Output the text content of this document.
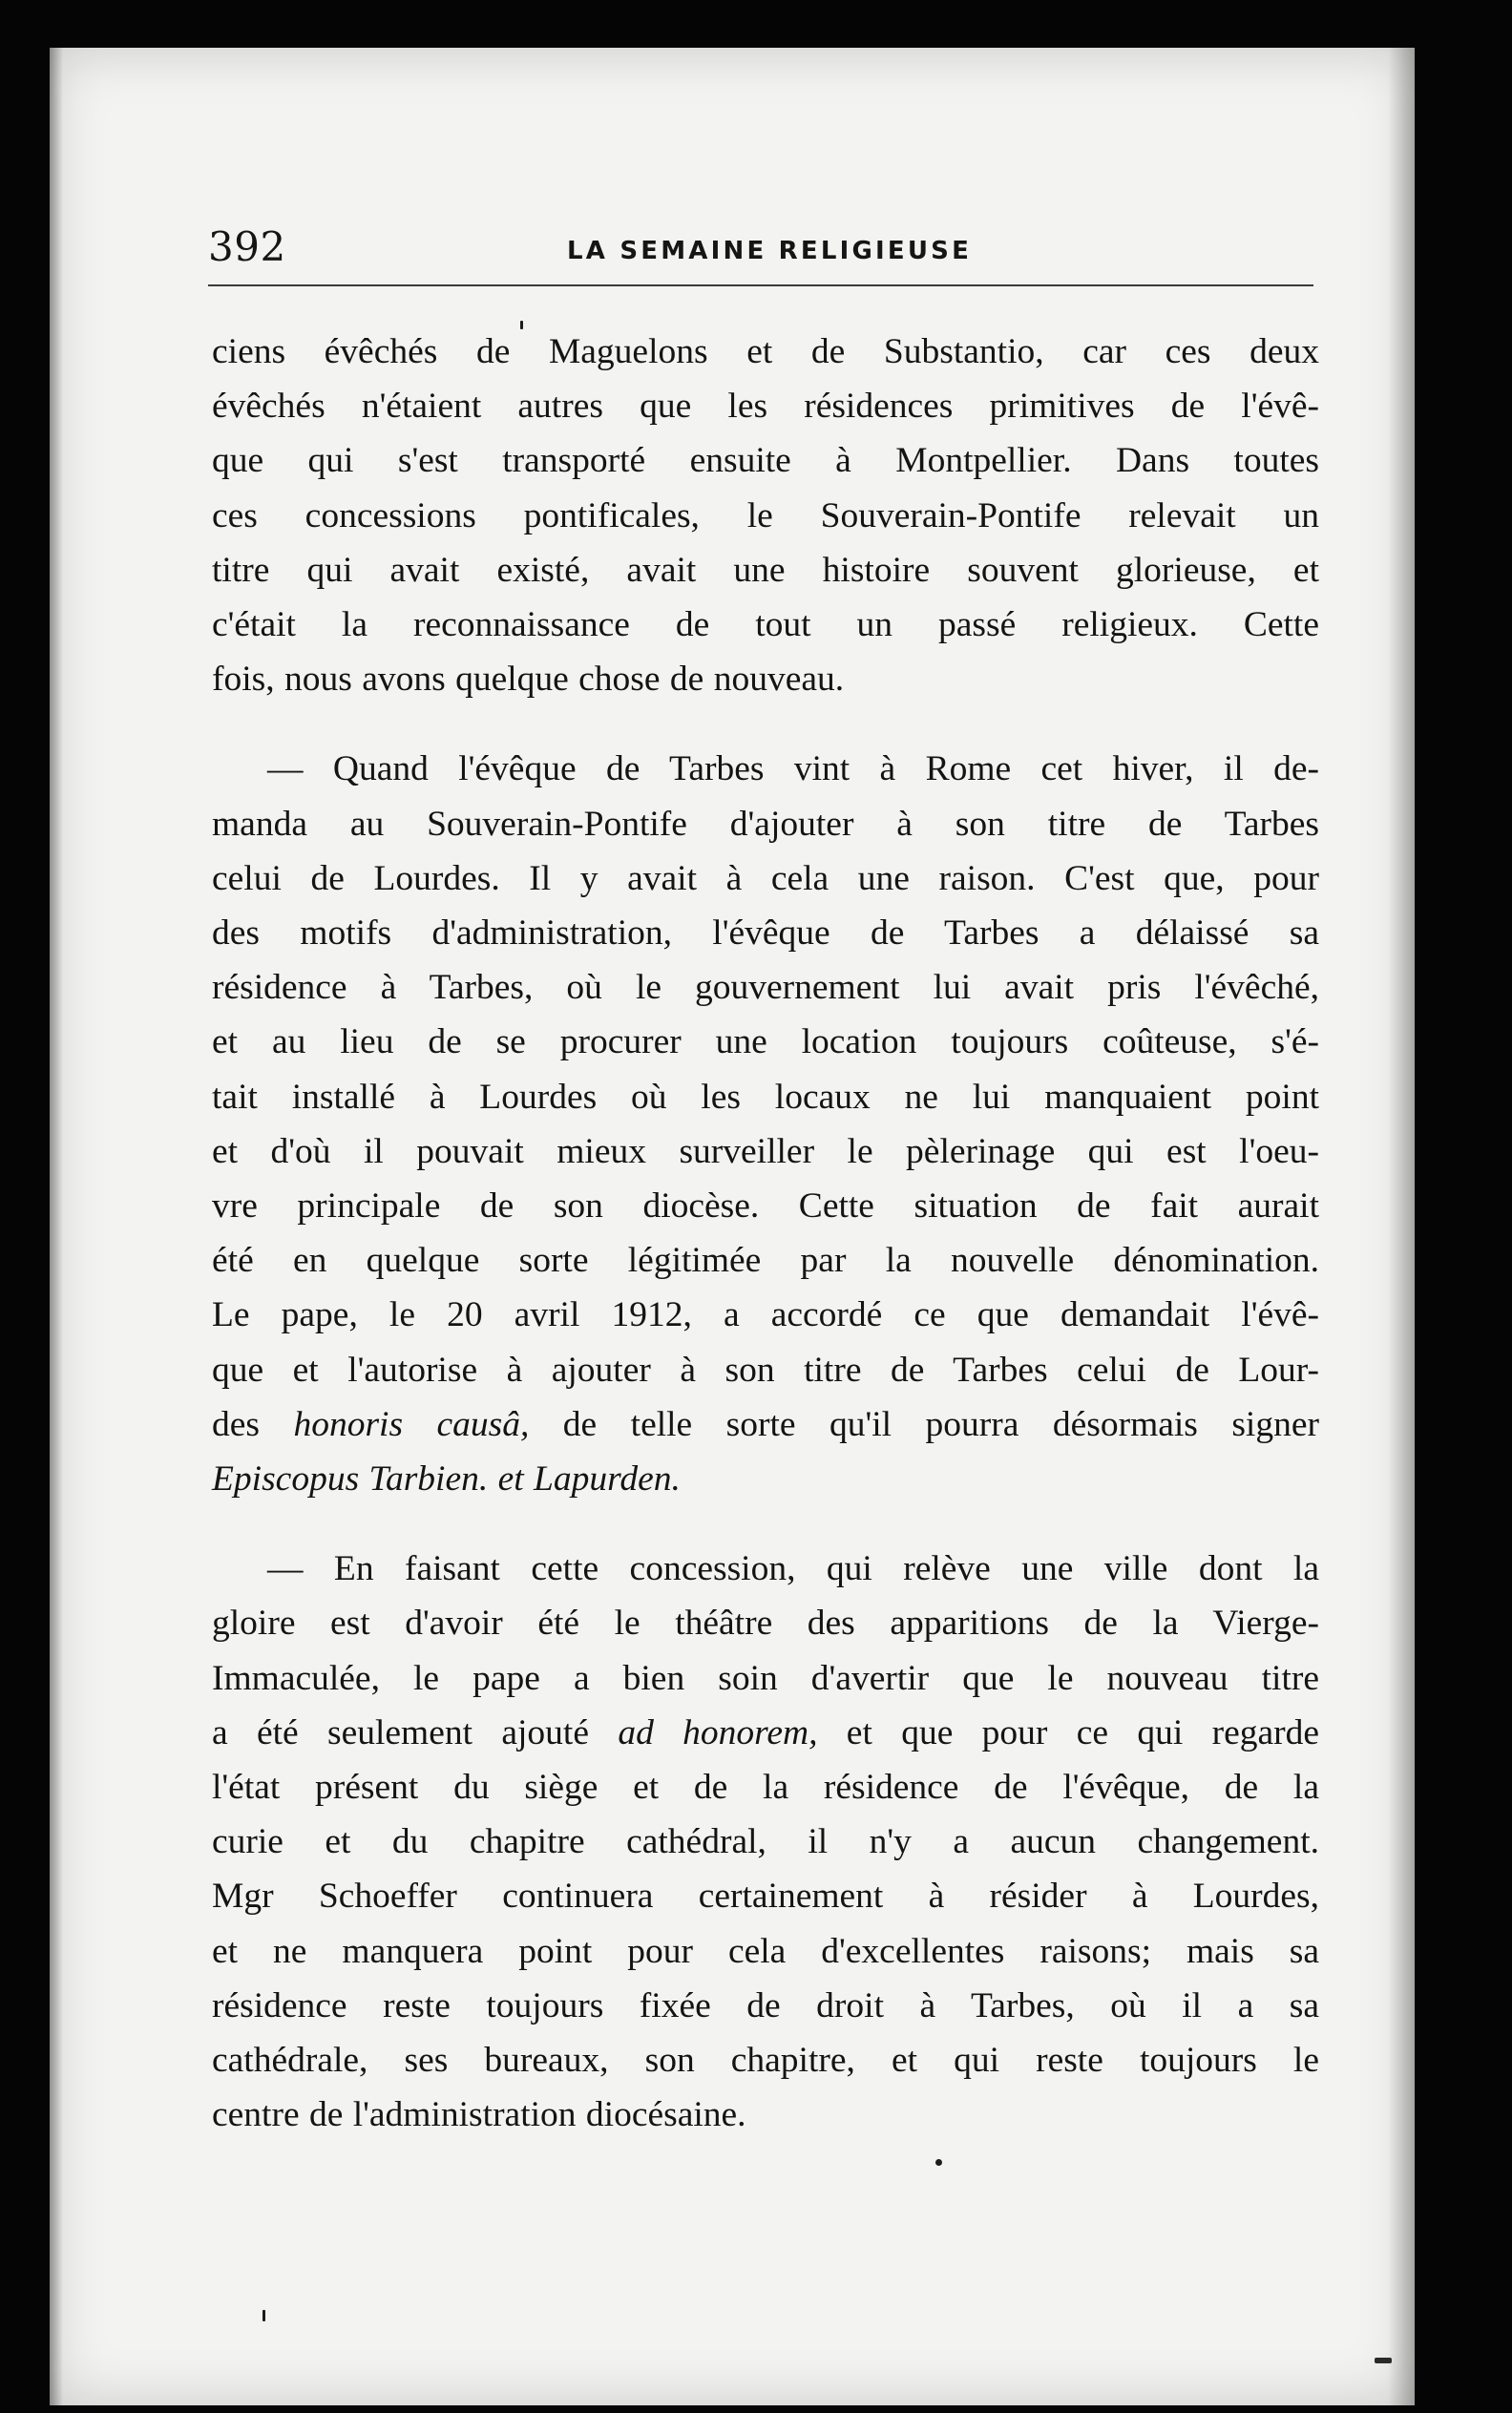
392	LA SEMAINE RELIGIEUSE

ciens évêchés de Maguelons et de Substantio, car ces deux
évêchés n'étaient autres que les résidences primitives de l'évê-
que qui s'est transporté ensuite à Montpellier. Dans toutes
ces concessions pontificales, le Souverain-Pontife relevait un
titre qui avait existé, avait une histoire souvent glorieuse, et
c'était la reconnaissance de tout un passé religieux. Cette
fois, nous avons quelque chose de nouveau.

— Quand l'évêque de Tarbes vint à Rome cet hiver, il de-
manda au Souverain-Pontife d'ajouter à son titre de Tarbes
celui de Lourdes. Il y avait à cela une raison. C'est que, pour
des motifs d'administration, l'évêque de Tarbes a délaissé sa
résidence à Tarbes, où le gouvernement lui avait pris l'évêché,
et au lieu de se procurer une location toujours coûteuse, s'é-
tait installé à Lourdes où les locaux ne lui manquaient point
et d'où il pouvait mieux surveiller le pèlerinage qui est l'oeu-
vre principale de son diocèse. Cette situation de fait aurait
été en quelque sorte légitimée par la nouvelle dénomination.
Le pape, le 20 avril 1912, a accordé ce que demandait l'évê-
que et l'autorise à ajouter à son titre de Tarbes celui de Lour-
des honoris causâ, de telle sorte qu'il pourra désormais signer
Episcopus Tarbien. et Lapurden.

— En faisant cette concession, qui relève une ville dont la
gloire est d'avoir été le théâtre des apparitions de la Vierge-
Immaculée, le pape a bien soin d'avertir que le nouveau titre
a été seulement ajouté ad honorem, et que pour ce qui regarde
l'état présent du siège et de la résidence de l'évêque, de la
curie et du chapitre cathédral, il n'y a aucun changement.
Mgr Schoeffer continuera certainement à résider à Lourdes,
et ne manquera point pour cela d'excellentes raisons; mais sa
résidence reste toujours fixée de droit à Tarbes, où il a sa
cathédrale, ses bureaux, son chapitre, et qui reste toujours le
centre de l'administration diocésaine.
